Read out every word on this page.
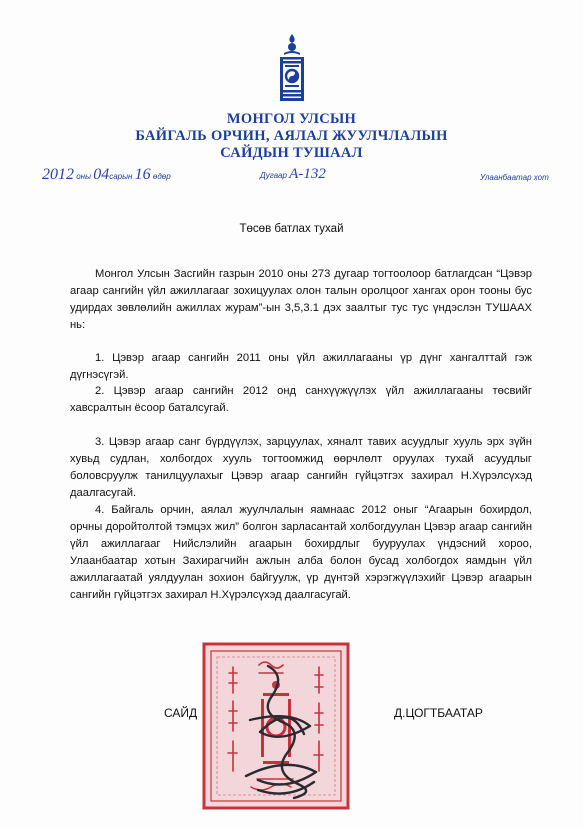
МОНГОЛ УЛСЫН
БАЙГАЛЬ ОРЧИН, АЯЛАЛ ЖУУЛЧЛАЛЫН
САЙДЫН ТУШААЛ
2012 оны 04сарын 16 өдөр	Дугаар А-132	Улаанбаатар хот
Төсөв батлах тухай

Монгол Улсын Засгийн газрын 2010 оны 273 дугаар тогтоолоор батлагдсан “Цэвэр агаар сангийн үйл ажиллагааг зохицуулах олон талын оролцоог хангах орон тооны бус удирдах зөвлөлийн ажиллах журам”-ын 3,5,3.1 дэх заалтыг тус тус үндэслэн ТУШААХ нь:

1. Цэвэр агаар сангийн 2011 оны үйл ажиллагааны үр дүнг хангалттай гэж дүгнэсүгэй.

2. Цэвэр агаар сангийн 2012 онд санхүүжүүлэх үйл ажиллагааны төсвийг хавсралтын ёсоор баталсугай.

3. Цэвэр агаар санг бүрдүүлэх, зарцуулах, хяналт тавих асуудлыг хууль эрх зүйн хувьд судлан, холбогдох хууль тогтоомжид өөрчлөлт оруулах тухай асуудлыг боловсруулж танилцуулахыг Цэвэр агаар сангийн гүйцэтгэх захирал Н.Хүрэлсүхэд даалгасугай.

4. Байгаль орчин, аялал жуулчлалын яамнаас 2012 оныг “Агаарын бохирдол, орчны доройтолтой тэмцэх жил” болгон зарласантай холбогдуулан Цэвэр агаар сангийн үйл ажиллагааг Нийслэлийн агаарын бохирдлыг бууруулах үндэсний хороо, Улаанбаатар хотын Захирагчийн ажлын алба болон бусад холбогдох яамдын үйл ажиллагаатай уялдуулан зохион байгуулж, үр дүнтэй хэрэгжүүлэхийг Цэвэр агаарын сангийн гүйцэтгэх захирал Н.Хүрэлсүхэд даалгасугай.

САЙД	Д.ЦОГТБААТАР
